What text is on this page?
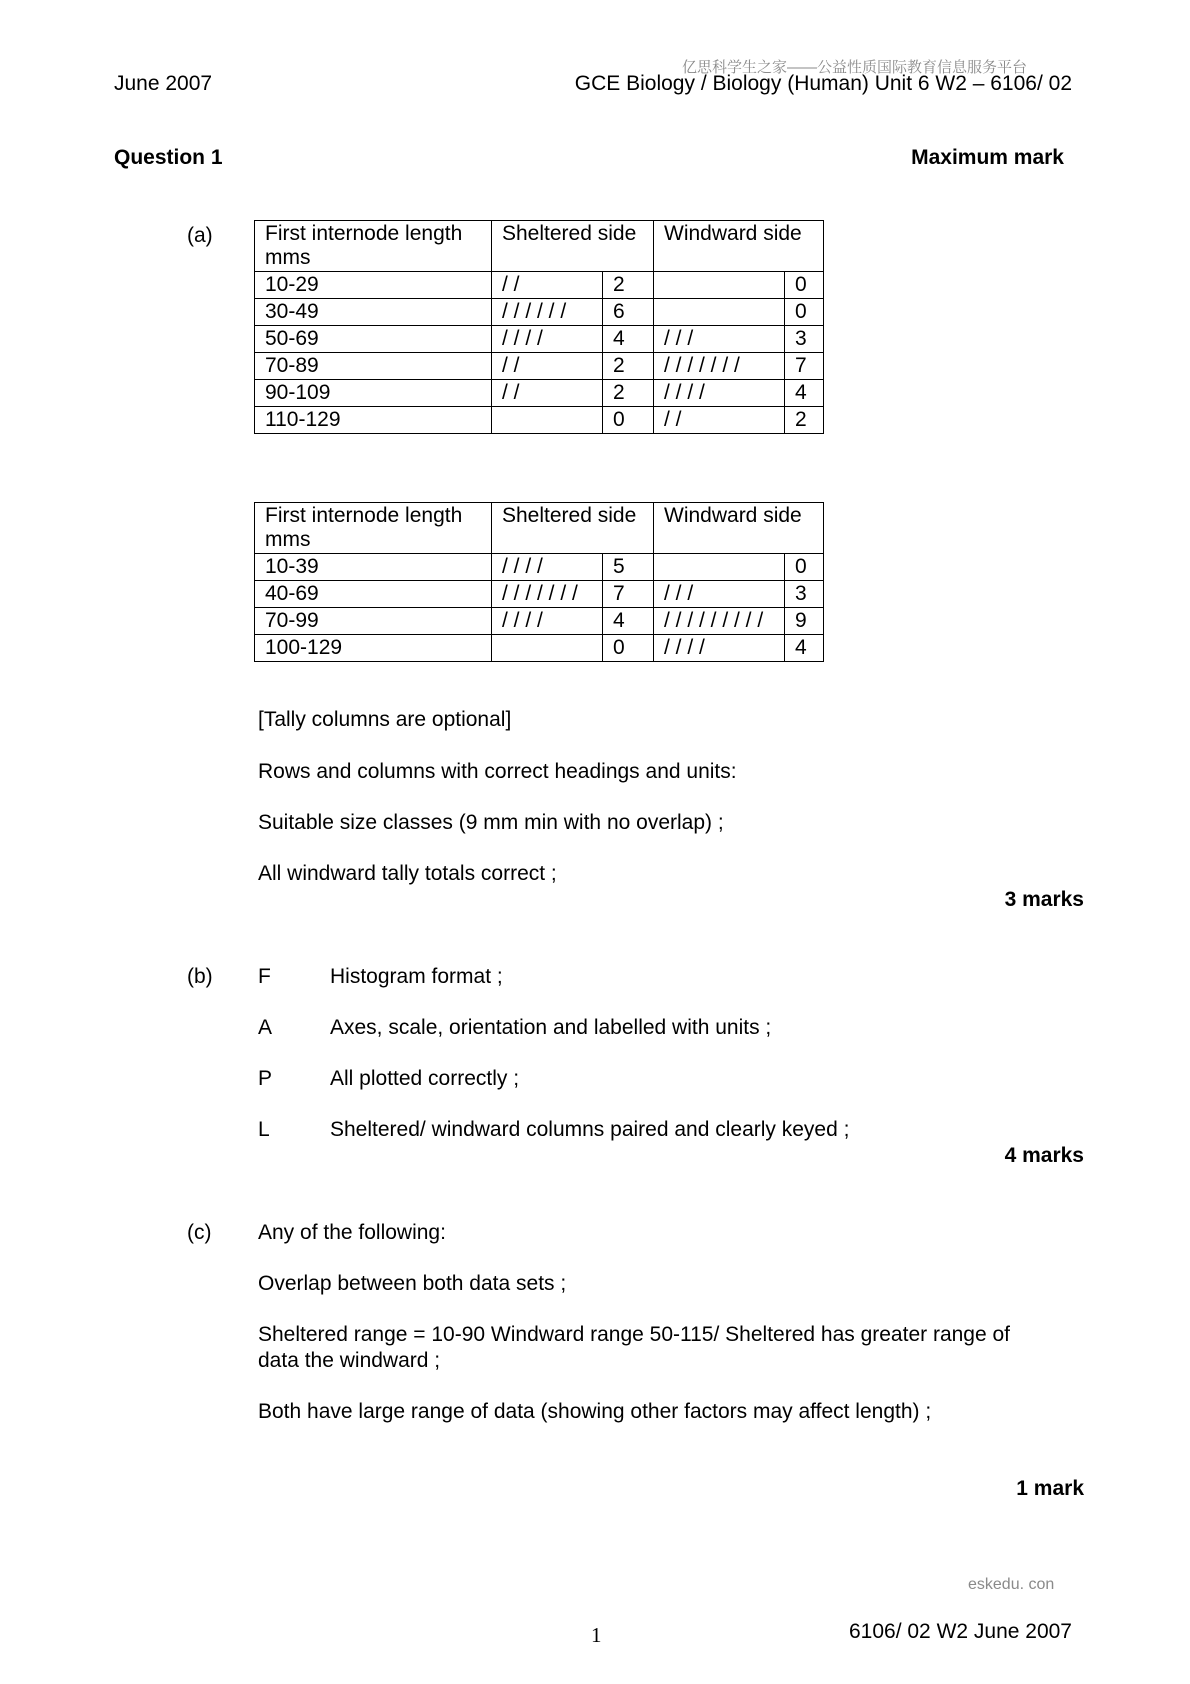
亿思科学生之家——公益性质国际教育信息服务平台
June 2007	GCE Biology / Biology (Human) Unit 6 W2 – 6106/ 02
Question 1	Maximum mark
(a) First internode length mms	Sheltered side		Windward side	
10-29	/ /	2		0
30-49	/ / / / / /	6		0
50-69	/ / / /	4	/ / /	3
70-89	/ /	2	/ / / / / / /	7
90-109	/ /	2	/ / / /	4
110-129		0	/ /	2
First internode length mms	Sheltered side		Windward side	
10-39	/ / / /	5		0
40-69	/ / / / / / /	7	/ / /	3
70-99	/ / / /	4	/ / / / / / / / /	9
100-129		0	/ / / /	4
[Tally columns are optional]
Rows and columns with correct headings and units:
Suitable size classes (9 mm min with no overlap) ;
All windward tally totals correct ;
3 marks
(b) F	Histogram format ;
A	Axes, scale, orientation and labelled with units ;
P	All plotted correctly ;
L	Sheltered/ windward columns paired and clearly keyed ;
4 marks
(c) Any of the following:
Overlap between both data sets ;
Sheltered range = 10-90 Windward range 50-115/ Sheltered has greater range of
data the windward ;
Both have large range of data (showing other factors may affect length) ;
1 mark
eskedu. con
1	6106/ 02 W2 June 2007
